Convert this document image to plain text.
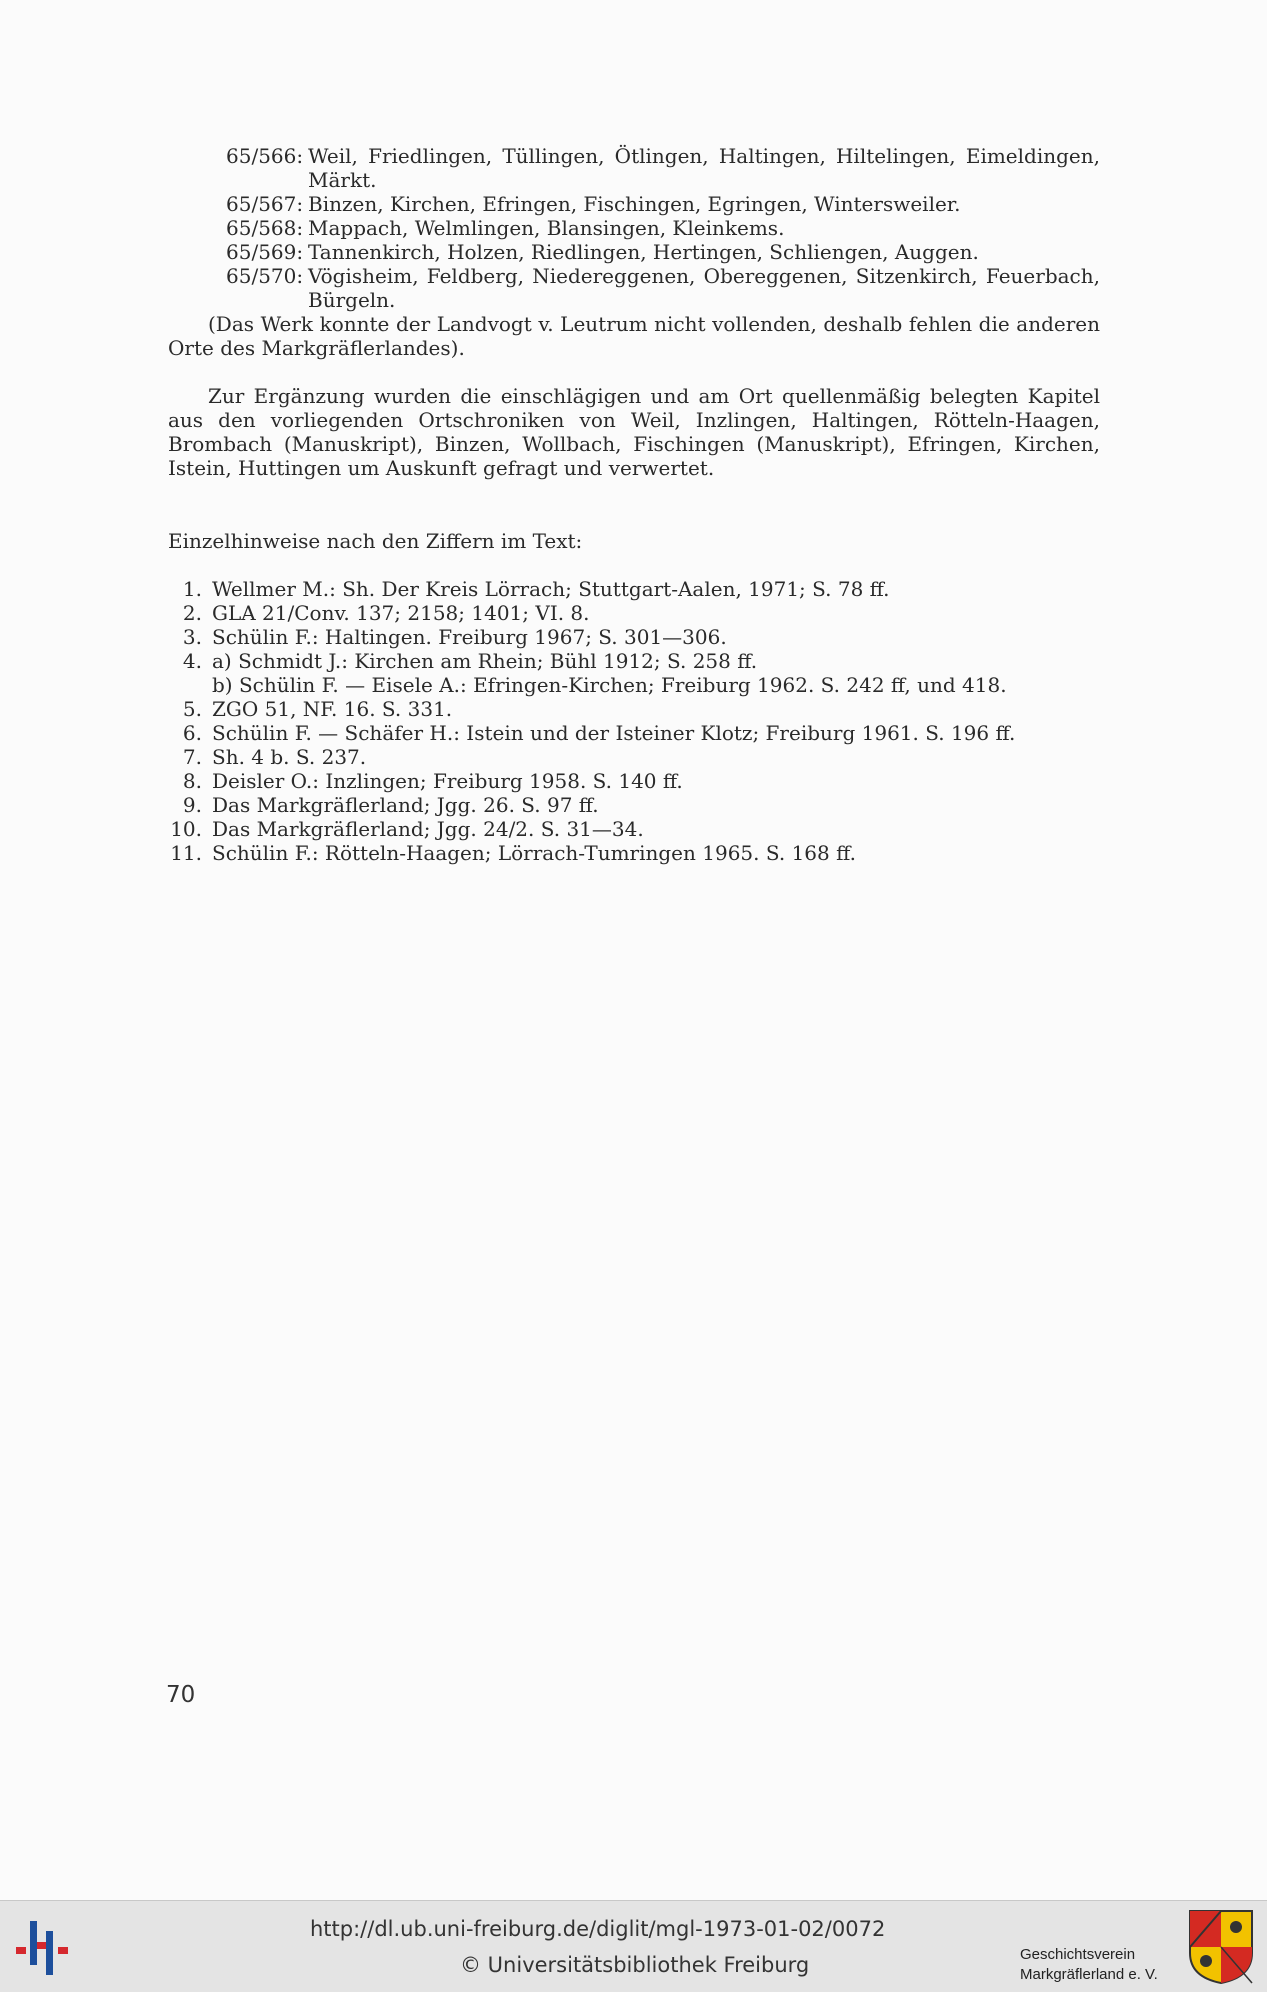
65/566: Weil, Friedlingen, Tüllingen, Ötlingen, Haltingen, Hiltelingen, Eimeldingen, Märkt.
65/567: Binzen, Kirchen, Efringen, Fischingen, Egringen, Wintersweiler.
65/568: Mappach, Welmlingen, Blansingen, Kleinkems.
65/569: Tannenkirch, Holzen, Riedlingen, Hertingen, Schliengen, Auggen.
65/570: Vögisheim, Feldberg, Niedereggenen, Obereggenen, Sitzenkirch, Feuerbach, Bürgeln.

(Das Werk konnte der Landvogt v. Leutrum nicht vollenden, deshalb fehlen die anderen Orte des Markgräflerlandes).

Zur Ergänzung wurden die einschlägigen und am Ort quellenmäßig belegten Kapitel aus den vorliegenden Ortschroniken von Weil, Inzlingen, Haltingen, Rötteln-Haagen, Brombach (Manuskript), Binzen, Wollbach, Fischingen (Manuskript), Efringen, Kirchen, Istein, Huttingen um Auskunft gefragt und verwertet.

Einzelhinweise nach den Ziffern im Text:

1. Wellmer M.: Sh. Der Kreis Lörrach; Stuttgart-Aalen, 1971; S. 78 ff.
2. GLA 21/Conv. 137; 2158; 1401; VI. 8.
3. Schülin F.: Haltingen. Freiburg 1967; S. 301—306.
4. a) Schmidt J.: Kirchen am Rhein; Bühl 1912; S. 258 ff.
b) Schülin F. — Eisele A.: Efringen-Kirchen; Freiburg 1962. S. 242 ff, und 418.
5. ZGO 51, NF. 16. S. 331.
6. Schülin F. — Schäfer H.: Istein und der Isteiner Klotz; Freiburg 1961. S. 196 ff.
7. Sh. 4 b. S. 237.
8. Deisler O.: Inzlingen; Freiburg 1958. S. 140 ff.
9. Das Markgräflerland; Jgg. 26. S. 97 ff.
10. Das Markgräflerland; Jgg. 24/2. S. 31—34.
11. Schülin F.: Rötteln-Haagen; Lörrach-Tumringen 1965. S. 168 ff.
70
http://dl.ub.uni-freiburg.de/diglit/mgl-1973-01-02/0072
© Universitätsbibliothek Freiburg	Geschichtsverein
Markgräflerland e. V.
